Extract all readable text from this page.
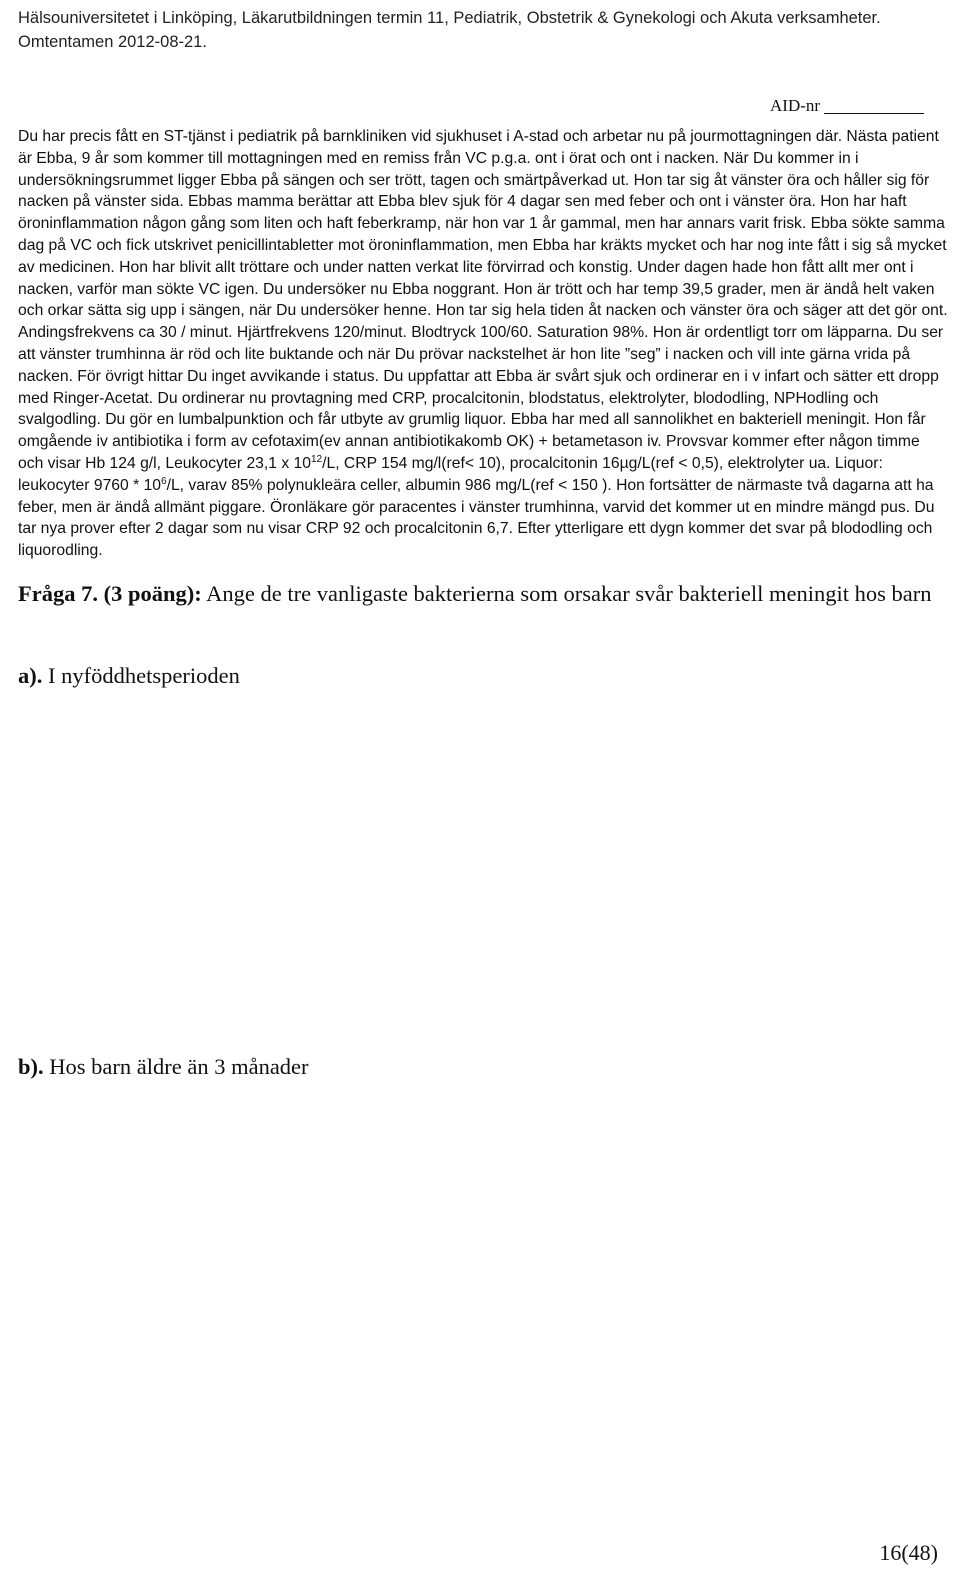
Hälsouniversitetet i Linköping, Läkarutbildningen termin 11, Pediatrik, Obstetrik & Gynekologi och Akuta verksamheter.
Omtentamen 2012-08-21.
AID-nr

Du har precis fått en ST-tjänst i pediatrik på barnkliniken vid sjukhuset i A-stad och arbetar nu på jourmottagningen där. Nästa patient är Ebba, 9 år som kommer till mottagningen med en remiss från VC p.g.a. ont i örat och ont i nacken. När Du kommer in i undersökningsrummet ligger Ebba på sängen och ser trött, tagen och smärtpåverkad ut. Hon tar sig åt vänster öra och håller sig för nacken på vänster sida. Ebbas mamma berättar att Ebba blev sjuk för 4 dagar sen med feber och ont i vänster öra. Hon har haft öroninflammation någon gång som liten och haft feberkramp, när hon var 1 år gammal, men har annars varit frisk. Ebba sökte samma dag på VC och fick utskrivet penicillintabletter mot öroninflammation, men Ebba har kräkts mycket och har nog inte fått i sig så mycket av medicinen. Hon har blivit allt tröttare och under natten verkat lite förvirrad och konstig. Under dagen hade hon fått allt mer ont i nacken, varför man sökte VC igen. Du undersöker nu Ebba noggrant. Hon är trött och har temp 39,5 grader, men är ändå helt vaken och orkar sätta sig upp i sängen, när Du undersöker henne. Hon tar sig hela tiden åt nacken och vänster öra och säger att det gör ont. Andingsfrekvens ca 30 / minut. Hjärtfrekvens 120/minut. Blodtryck 100/60. Saturation 98%. Hon är ordentligt torr om läpparna. Du ser att vänster trumhinna är röd och lite buktande och när Du prövar nackstelhet är hon lite ”seg” i nacken och vill inte gärna vrida på nacken. För övrigt hittar Du inget avvikande i status. Du uppfattar att Ebba är svårt sjuk och ordinerar en i v infart och sätter ett dropp med Ringer-Acetat. Du ordinerar nu provtagning med CRP, procalcitonin, blodstatus, elektrolyter, blododling, NPHodling och svalgodling. Du gör en lumbalpunktion och får utbyte av grumlig liquor. Ebba har med all sannolikhet en bakteriell meningit. Hon får omgående iv antibiotika i form av cefotaxim(ev annan antibiotikakomb OK) + betametason iv. Provsvar kommer efter någon timme och visar Hb 124 g/l, Leukocyter 23,1 x $10^{12}/L$, CRP 154 mg/l(ref< 10), procalcitonin 16µg/L(ref < 0,5), elektrolyter ua. Liquor: leukocyter $9760 * 10^6/L$, varav 85% polynukleära celler, albumin 986 mg/L(ref < 150 ). Hon fortsätter de närmaste två dagarna att ha feber, men är ändå allmänt piggare. Öronläkare gör paracentes i vänster trumhinna, varvid det kommer ut en mindre mängd pus. Du tar nya prover efter 2 dagar som nu visar CRP 92 och procalcitonin 6,7. Efter ytterligare ett dygn kommer det svar på blododling och liquorodling.

Fråga 7. (3 poäng): Ange de tre vanligaste bakterierna som orsakar svår bakteriell meningit hos barn
a). I nyföddhetsperioden
b). Hos barn äldre än 3 månader
16(48)
